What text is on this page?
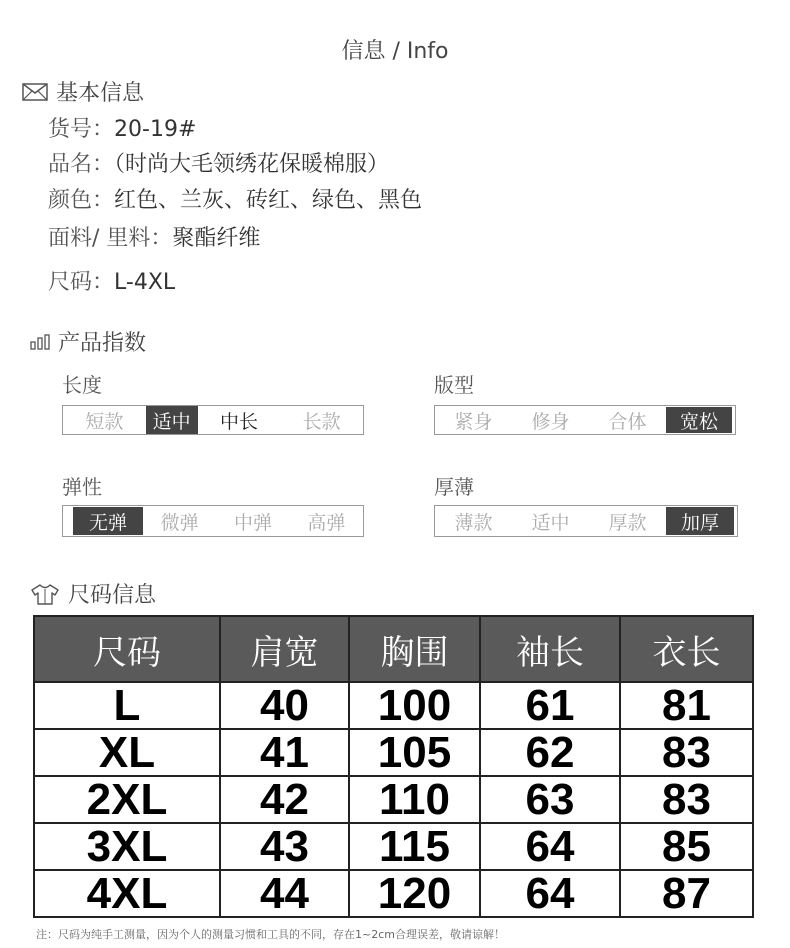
信息 / Info
基本信息
货号：20-19#
品名：（时尚大毛领绣花保暖棉服）
颜色：红色、兰灰、砖红、绿色、黑色
面料/ 里料：聚酯纤维
尺码：L-4XL
产品指数
长度
短款	适中	中长	长款
版型
紧身	修身	合体	宽松
弹性
无弹	微弹	中弹	高弹
厚薄
薄款	适中	厚款	加厚
尺码信息
尺码	肩宽	胸围	袖长	衣长
L	40	100	61	81
XL	41	105	62	83
2XL	42	110	63	83
3XL	43	115	64	85
4XL	44	120	64	87
注：尺码为纯手工测量，因为个人的测量习惯和工具的不同，存在1~2cm合理误差，敬请谅解！
